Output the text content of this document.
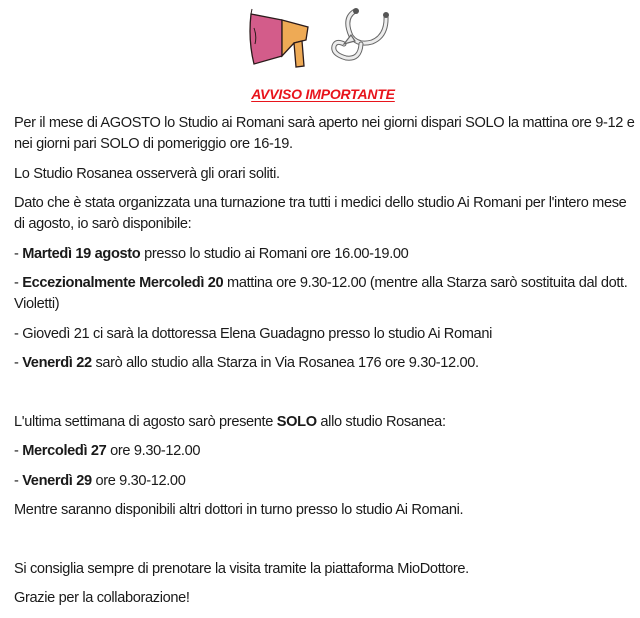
AVVISO IMPORTANTE

Per il mese di AGOSTO lo Studio ai Romani sarà aperto nei giorni dispari SOLO la mattina ore 9-12 e nei giorni pari SOLO di pomeriggio ore 16-19.

Lo Studio Rosanea osserverà gli orari soliti.

Dato che è stata organizzata una turnazione tra tutti i medici dello studio Ai Romani per l'intero mese di agosto, io sarò disponibile:

- Martedì 19 agosto presso lo studio ai Romani ore 16.00-19.00

- Eccezionalmente Mercoledì 20 mattina ore 9.30-12.00 (mentre alla Starza sarò sostituita dal dott. Violetti)

- Giovedì 21 ci sarà la dottoressa Elena Guadagno presso lo studio Ai Romani

- Venerdì 22 sarò allo studio alla Starza in Via Rosanea 176 ore 9.30-12.00.

L'ultima settimana di agosto sarò presente SOLO allo studio Rosanea:

- Mercoledì 27 ore 9.30-12.00

- Venerdì 29 ore 9.30-12.00

Mentre saranno disponibili altri dottori in turno presso lo studio Ai Romani.

Si consiglia sempre di prenotare la visita tramite la piattaforma MioDottore.

Grazie per la collaborazione!
